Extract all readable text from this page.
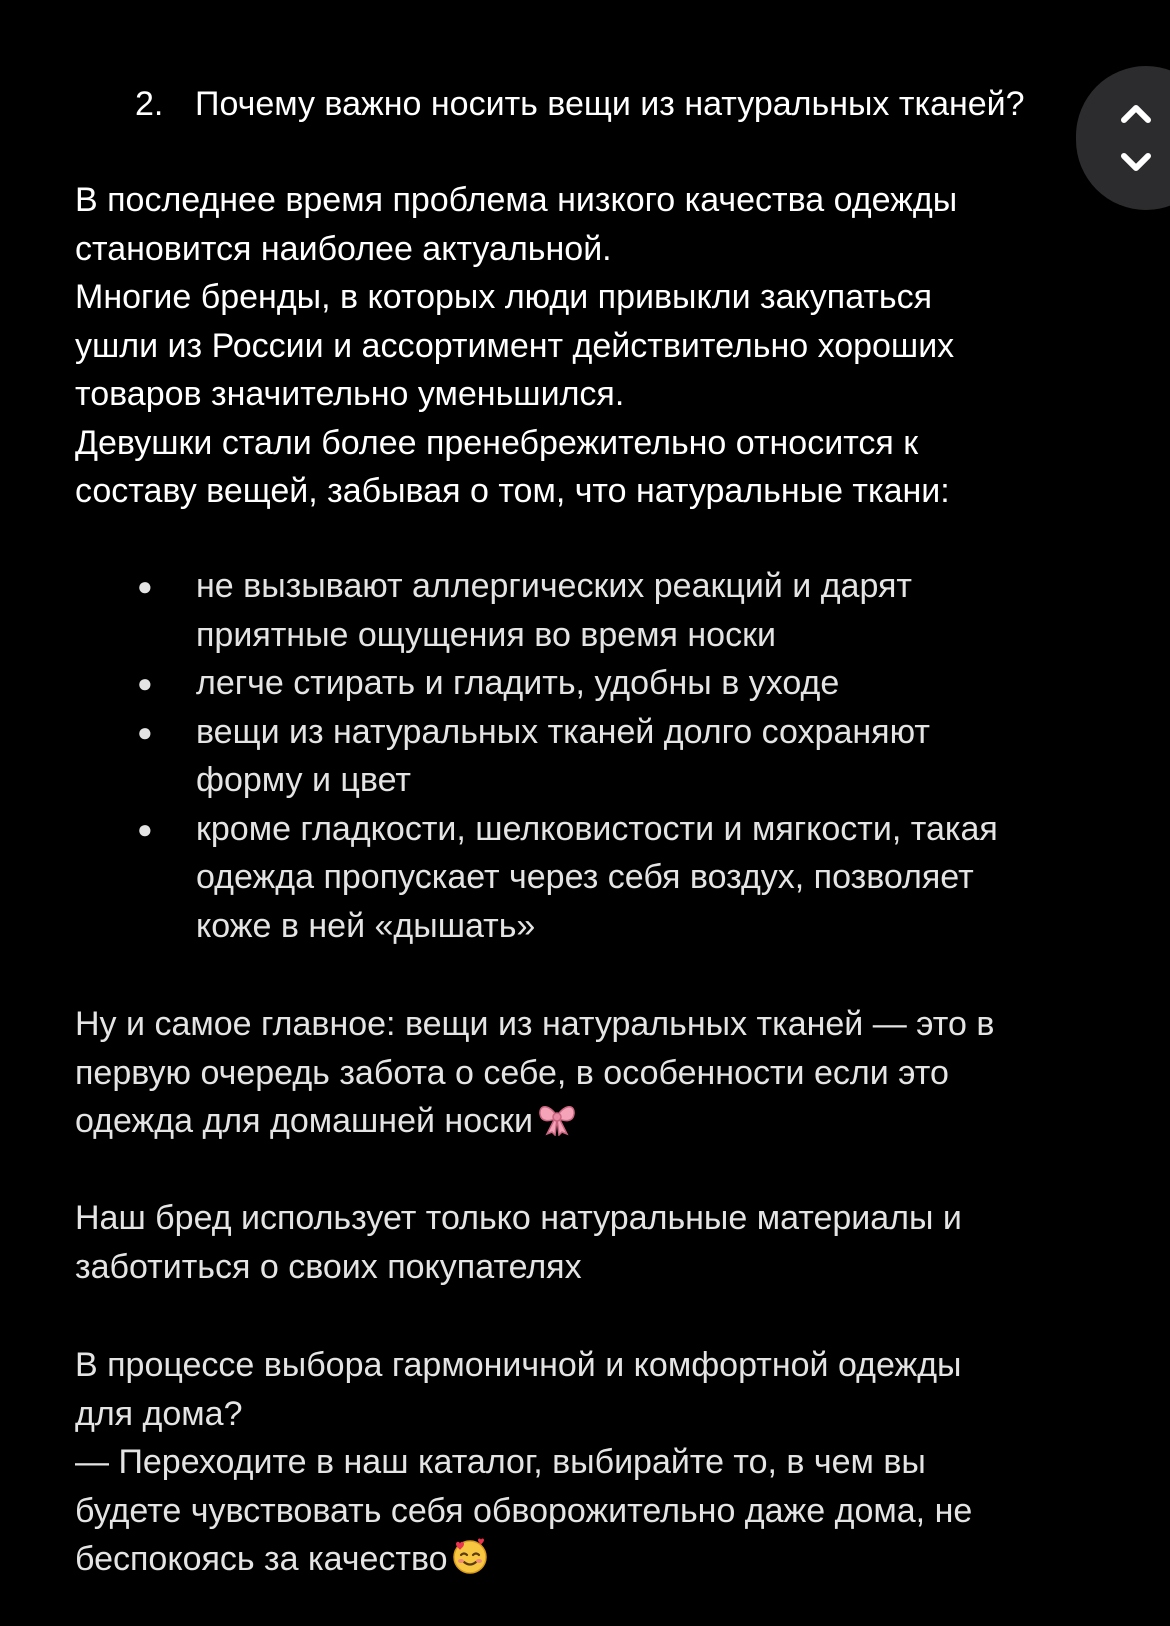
2. Почему важно носить вещи из натуральных тканей?

В последнее время проблема низкого качества одежды

становится наиболее актуальной.

Многие бренды, в которых люди привыкли закупаться

ушли из России и ассортимент действительно хороших

товаров значительно уменьшился.

Девушки стали более пренебрежительно относится к

составу вещей, забывая о том, что натуральные ткани:

●	не вызывают аллергических реакций и дарят
приятные ощущения во время носки
●	легче стирать и гладить, удобны в уходе
●	вещи из натуральных тканей долго сохраняют
форму и цвет
●	кроме гладкости, шелковистости и мягкости, такая
одежда пропускает через себя воздух, позволяет
коже в ней «дышать»
Ну и самое главное: вещи из натуральных тканей — это в
первую очередь забота о себе, в особенности если это
одежда для домашней носки
Наш бред использует только натуральные материалы и
заботиться о своих покупателях
В процессе выбора гармоничной и комфортной одежды
для дома?
— Переходите в наш каталог, выбирайте то, в чем вы
будете чувствовать себя обворожительно даже дома, не
беспокоясь за качество
